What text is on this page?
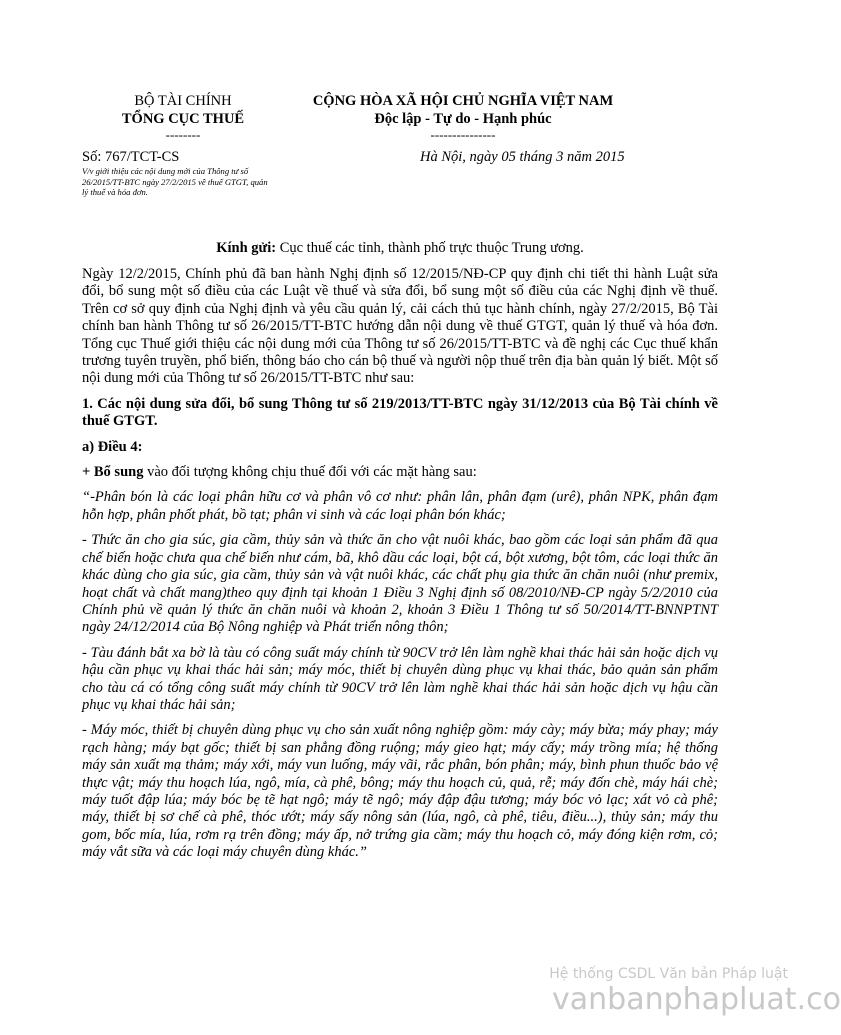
BỘ TÀI CHÍNH
TỔNG CỤC THUẾ
--------
CỘNG HÒA XÃ HỘI CHỦ NGHĨA VIỆT NAM
Độc lập - Tự do - Hạnh phúc
---------------
Số: 767/TCT-CS	Hà Nội, ngày 05 tháng 3 năm 2015
V/v giới thiệu các nội dung mới của Thông tư số 26/2015/TT-BTC ngày 27/2/2015 về thuế GTGT, quản lý thuế và hóa đơn.
Kính gửi: Cục thuế các tỉnh, thành phố trực thuộc Trung ương.

Ngày 12/2/2015, Chính phủ đã ban hành Nghị định số 12/2015/NĐ-CP quy định chi tiết thi hành Luật sửa đổi, bổ sung một số điều của các Luật về thuế và sửa đổi, bổ sung một số điều của các Nghị định về thuế. Trên cơ sở quy định của Nghị định và yêu cầu quản lý, cải cách thủ tục hành chính, ngày 27/2/2015, Bộ Tài chính ban hành Thông tư số 26/2015/TT-BTC hướng dẫn nội dung về thuế GTGT, quản lý thuế và hóa đơn. Tổng cục Thuế giới thiệu các nội dung mới của Thông tư số 26/2015/TT-BTC và đề nghị các Cục thuế khẩn trương tuyên truyền, phổ biến, thông báo cho cán bộ thuế và người nộp thuế trên địa bàn quản lý biết. Một số nội dung mới của Thông tư số 26/2015/TT-BTC như sau:

1. Các nội dung sửa đổi, bổ sung Thông tư số 219/2013/TT-BTC ngày 31/12/2013 của Bộ Tài chính về thuế GTGT.

a) Điều 4:

+ Bổ sung vào đối tượng không chịu thuế đối với các mặt hàng sau:

“-Phân bón là các loại phân hữu cơ và phân vô cơ như: phân lân, phân đạm (urê), phân NPK, phân đạm hỗn hợp, phân phốt phát, bồ tạt; phân vi sinh và các loại phân bón khác;

- Thức ăn cho gia súc, gia cầm, thủy sản và thức ăn cho vật nuôi khác, bao gồm các loại sản phẩm đã qua chế biến hoặc chưa qua chế biến như cám, bã, khô dầu các loại, bột cá, bột xương, bột tôm, các loại thức ăn khác dùng cho gia súc, gia cầm, thủy sản và vật nuôi khác, các chất phụ gia thức ăn chăn nuôi (như premix, hoạt chất và chất mang)theo quy định tại khoản 1 Điều 3 Nghị định số 08/2010/NĐ-CP ngày 5/2/2010 của Chính phủ về quản lý thức ăn chăn nuôi và khoản 2, khoản 3 Điều 1 Thông tư số 50/2014/TT-BNNPTNT ngày 24/12/2014 của Bộ Nông nghiệp và Phát triển nông thôn;

- Tàu đánh bắt xa bờ là tàu có công suất máy chính từ 90CV trở lên làm nghề khai thác hải sản hoặc dịch vụ hậu cần phục vụ khai thác hải sản; máy móc, thiết bị chuyên dùng phục vụ khai thác, bảo quản sản phẩm cho tàu cá có tổng công suất máy chính từ 90CV trở lên làm nghề khai thác hải sản hoặc dịch vụ hậu cần phục vụ khai thác hải sản;

- Máy móc, thiết bị chuyên dùng phục vụ cho sản xuất nông nghiệp gồm: máy cày; máy bừa; máy phay; máy rạch hàng; máy bạt gốc; thiết bị san phẳng đồng ruộng; máy gieo hạt; máy cấy; máy trồng mía; hệ thống máy sản xuất mạ thảm; máy xới, máy vun luống, máy vãi, rắc phân, bón phân; máy, bình phun thuốc bảo vệ thực vật; máy thu hoạch lúa, ngô, mía, cà phê, bông; máy thu hoạch củ, quả, rễ; máy đốn chè, máy hái chè; máy tuốt đập lúa; máy bóc bẹ tẽ hạt ngô; máy tẽ ngô; máy đập đậu tương; máy bóc vỏ lạc; xát vỏ cà phê; máy, thiết bị sơ chế cà phê, thóc ướt; máy sấy nông sản (lúa, ngô, cà phê, tiêu, điều...), thủy sản; máy thu gom, bốc mía, lúa, rơm rạ trên đồng; máy ấp, nở trứng gia cầm; máy thu hoạch cỏ, máy đóng kiện rơm, cỏ; máy vắt sữa và các loại máy chuyên dùng khác.”

Hệ thống CSDL Văn bản Pháp luật
vanbanphapluat.co
